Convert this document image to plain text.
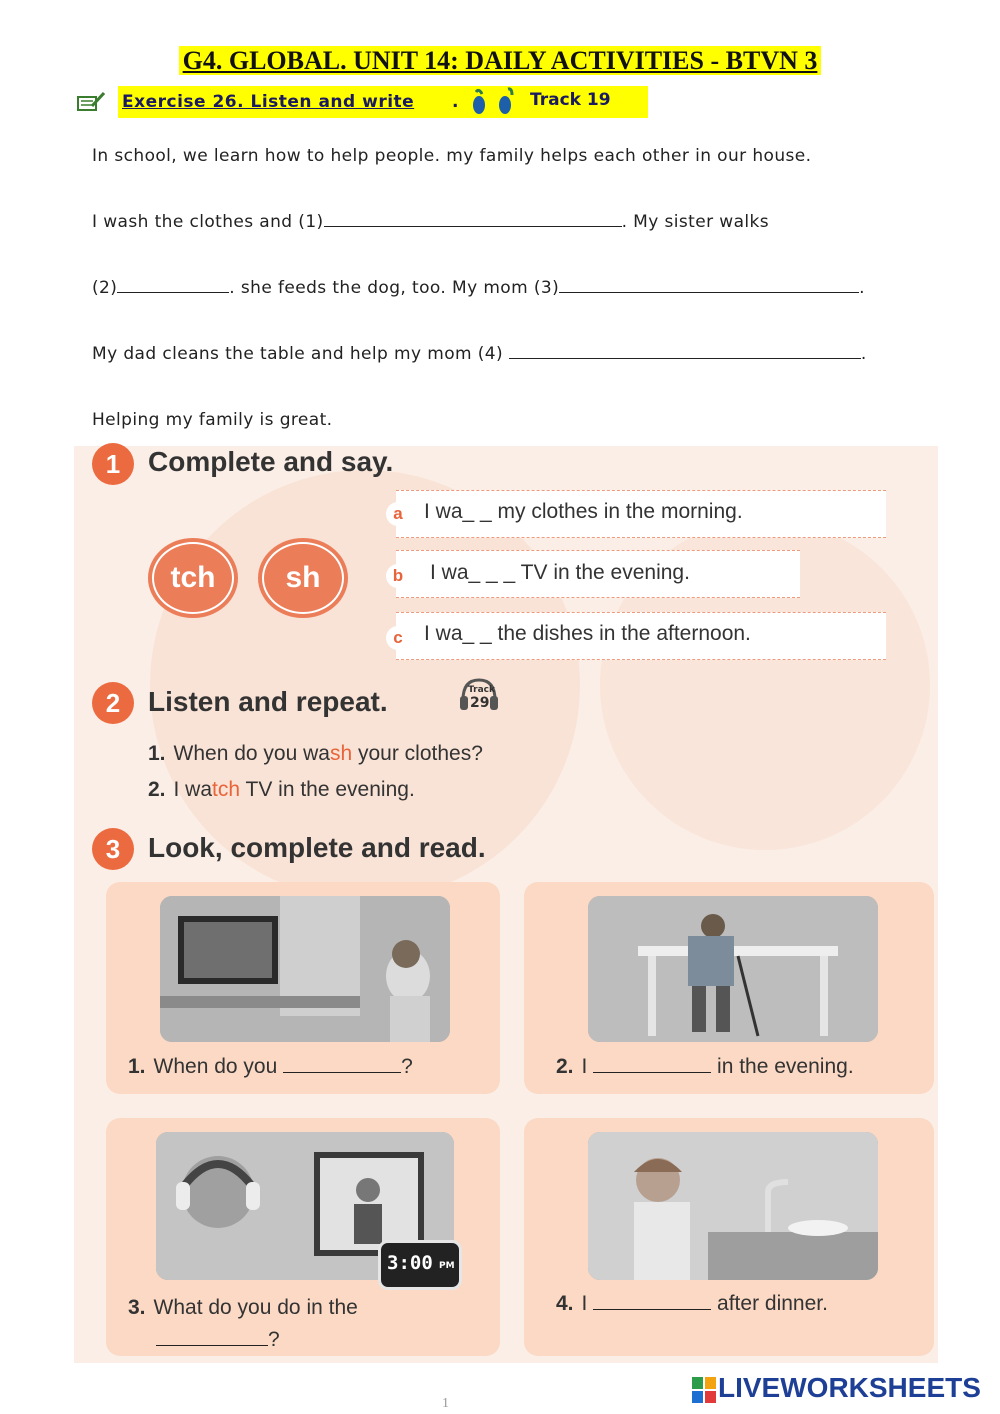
G4. GLOBAL. UNIT 14: DAILY ACTIVITIES - BTVN 3
Exercise 26. Listen and write .	Track 19
In school, we learn how to help people. my family helps each other in our house.
I wash the clothes and (1)	. My sister walks
(2)	. she feeds the dog, too. My mom (3)	.
My dad cleans the table and help my mom (4)	.
Helping my family is great.
1 Complete and say.
tch	sh
a	I wa_ _ my clothes in the morning.
b	I wa_ _ _ TV in the evening.
c	I wa_ _ the dishes in the afternoon.
2 Listen and repeat.	Track
29
1. When do you wash your clothes?
2. I watch TV in the evening.
3 Look, complete and read.
1. When do you	?	2. I	in the evening.
3:00 PM
3. What do you do in the
?
4. I	after dinner.
1
LIVEWORKSHEETS
